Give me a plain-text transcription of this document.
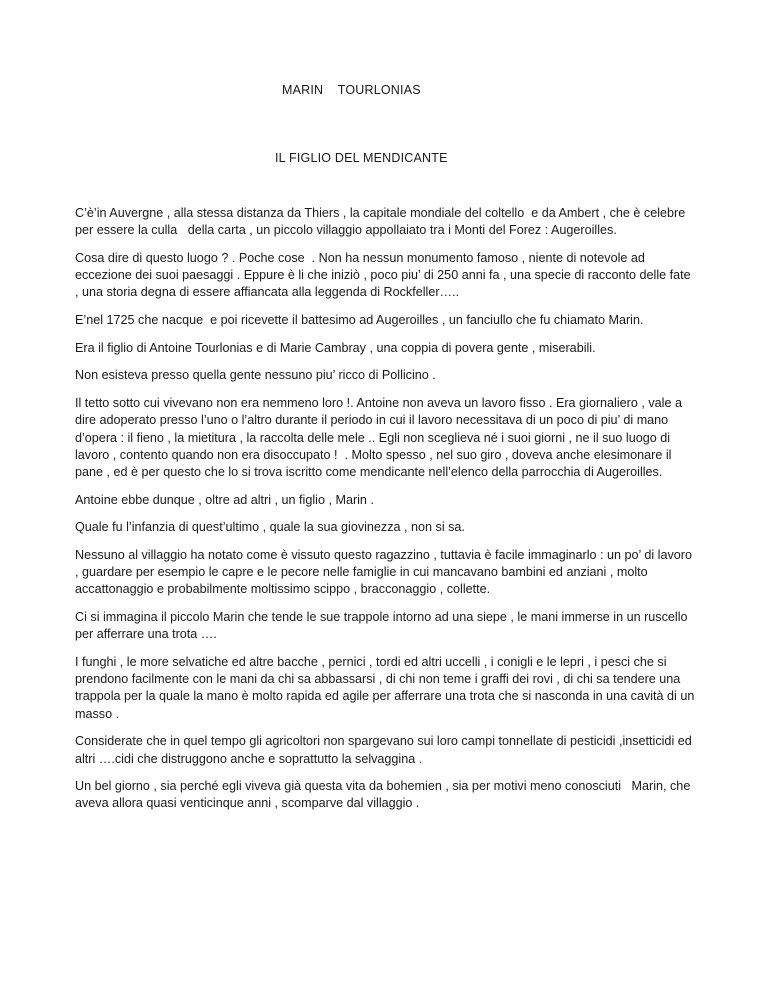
MARIN    TOURLONIAS
IL FIGLIO DEL MENDICANTE

C’è’in Auvergne , alla stessa distanza da Thiers , la capitale mondiale del coltello  e da Ambert , che è celebre per essere la culla   della carta , un piccolo villaggio appollaiato tra i Monti del Forez : Augeroilles.

Cosa dire di questo luogo ? . Poche cose  . Non ha nessun monumento famoso , niente di notevole ad eccezione dei suoi paesaggi . Eppure è li che iniziò , poco piu’ di 250 anni fa , una specie di racconto delle fate , una storia degna di essere affiancata alla leggenda di Rockfeller…..

E’nel 1725 che nacque  e poi ricevette il battesimo ad Augeroilles , un fanciullo che fu chiamato Marin.

Era il figlio di Antoine Tourlonias e di Marie Cambray , una coppia di povera gente , miserabili.

Non esisteva presso quella gente nessuno piu’ ricco di Pollicino .

Il tetto sotto cui vivevano non era nemmeno loro !. Antoine non aveva un lavoro fisso . Era giornaliero , vale a dire adoperato presso l’uno o l’altro durante il periodo in cui il lavoro necessitava di un poco di piu’ di mano d’opera : il fieno , la mietitura , la raccolta delle mele .. Egli non sceglieva né i suoi giorni , ne il suo luogo di lavoro , contento quando non era disoccupato !  . Molto spesso , nel suo giro , doveva anche elesimonare il pane , ed è per questo che lo si trova iscritto come mendicante nell’elenco della parrocchia di Augeroilles.

Antoine ebbe dunque , oltre ad altri , un figlio , Marin .

Quale fu l’infanzia di quest’ultimo , quale la sua giovinezza , non si sa.

Nessuno al villaggio ha notato come è vissuto questo ragazzino , tuttavia è facile immaginarlo : un po’ di lavoro , guardare per esempio le capre e le pecore nelle famiglie in cui mancavano bambini ed anziani , molto accattonaggio e probabilmente moltissimo scippo , bracconaggio , collette.

Ci si immagina il piccolo Marin che tende le sue trappole intorno ad una siepe , le mani immerse in un ruscello per afferrare una trota ….

I funghi , le more selvatiche ed altre bacche , pernici , tordi ed altri uccelli , i conigli e le lepri , i pesci che si prendono facilmente con le mani da chi sa abbassarsi , di chi non teme i graffi dei rovi , di chi sa tendere una trappola per la quale la mano è molto rapida ed agile per afferrare una trota che si nasconda in una cavità di un masso .

Considerate che in quel tempo gli agricoltori non spargevano sui loro campi tonnellate di pesticidi ,insetticidi ed altri ….cidi che distruggono anche e soprattutto la selvaggina .

Un bel giorno , sia perché egli viveva già questa vita da bohemien , sia per motivi meno conosciuti   Marin, che aveva allora quasi venticinque anni , scomparve dal villaggio .
